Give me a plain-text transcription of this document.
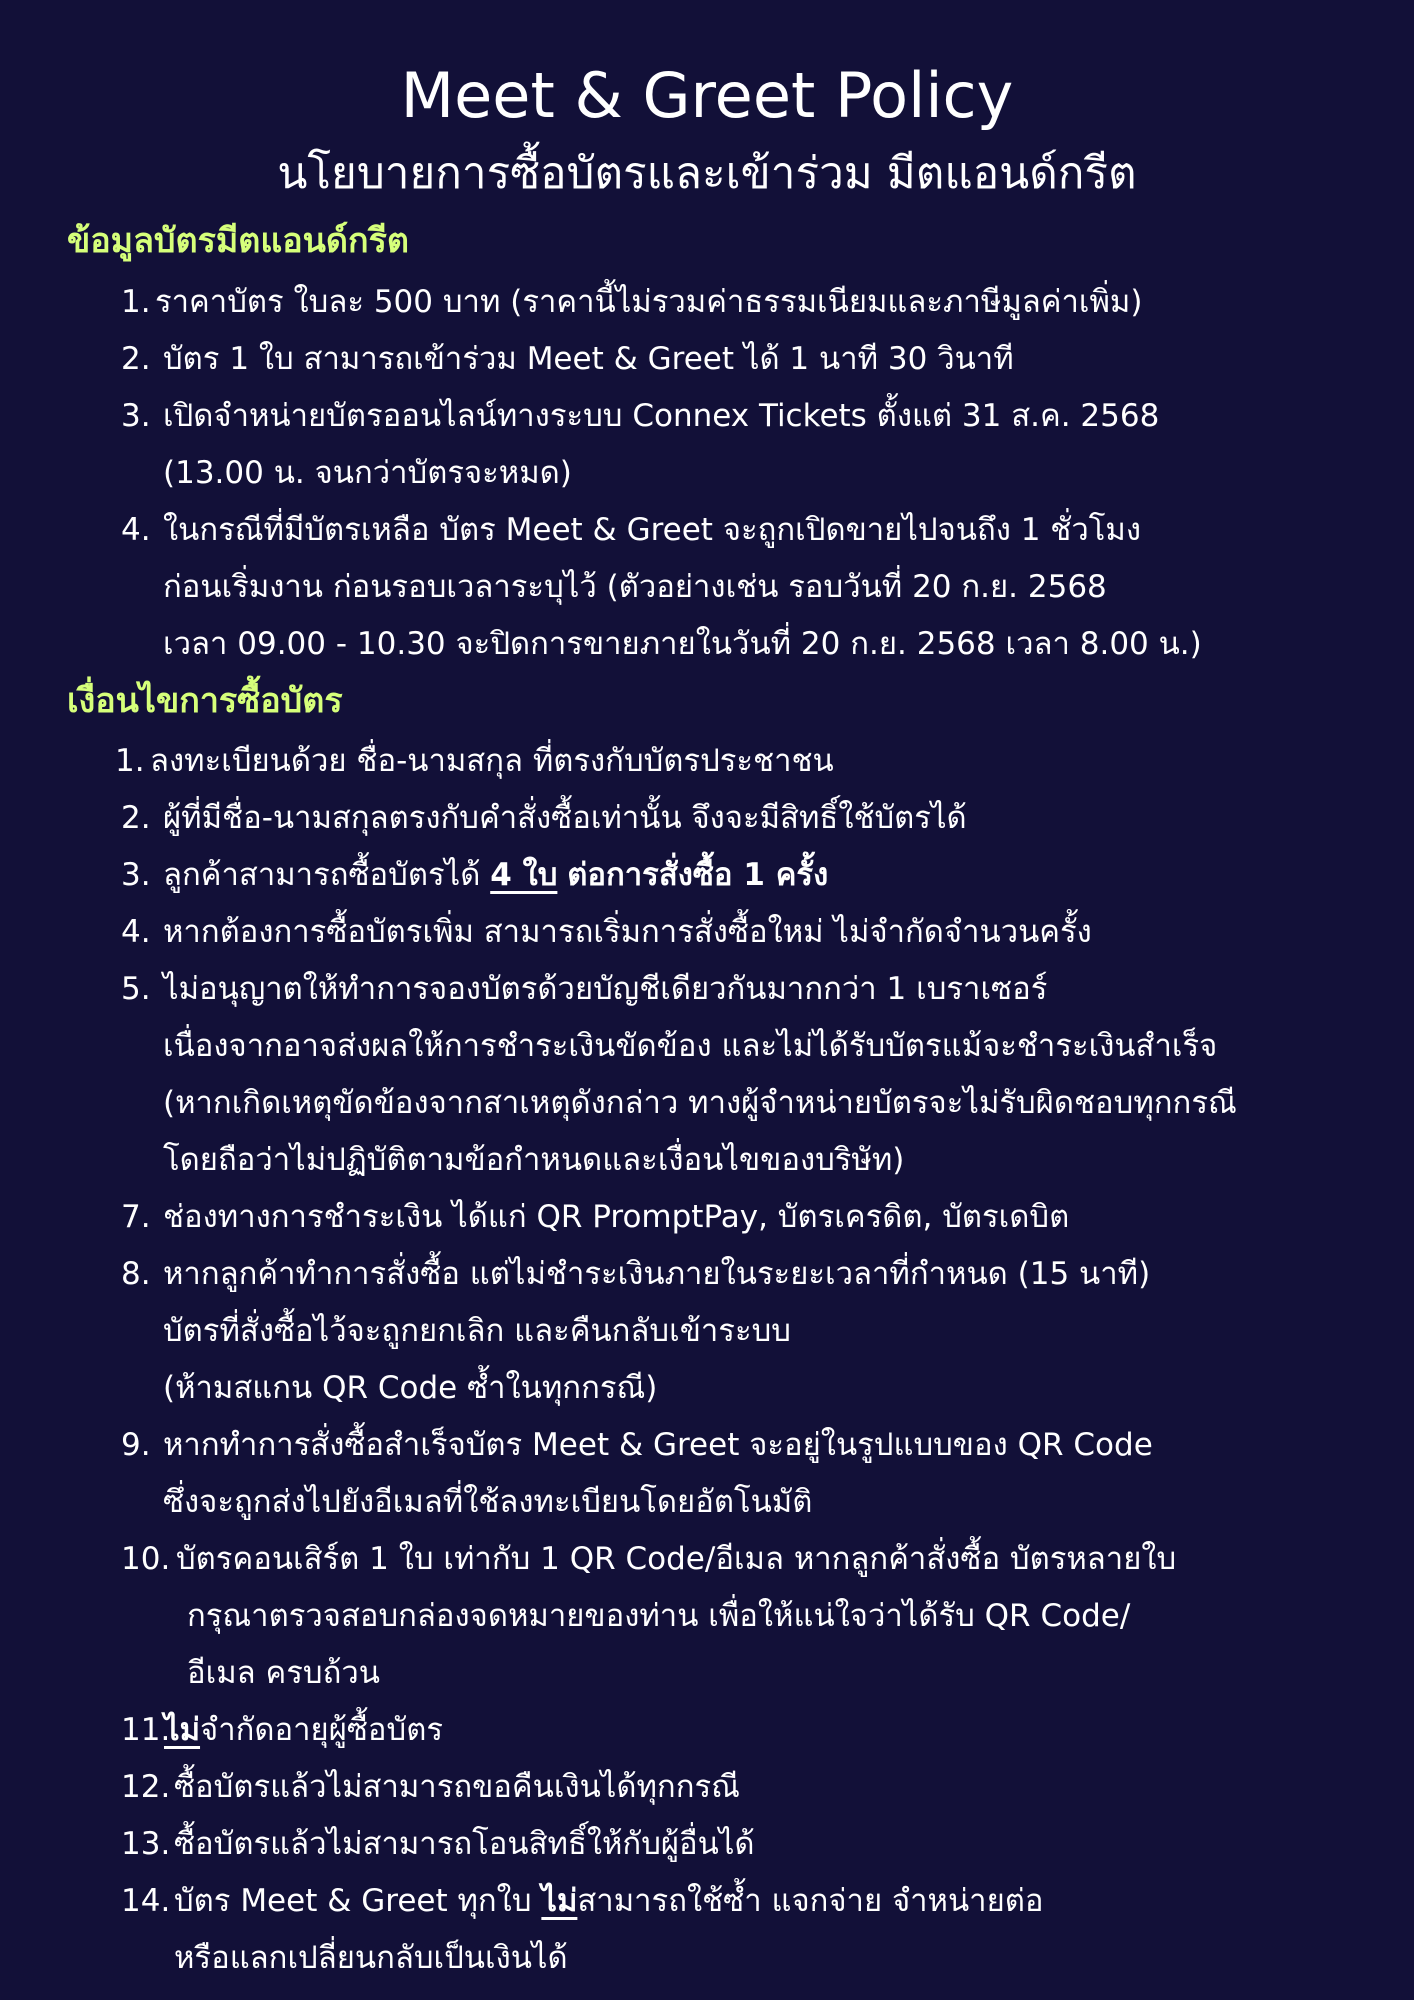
Meet & Greet Policy
นโยบายการซื้อบัตรและเข้าร่วม มีตแอนด์กรีต
ข้อมูลบัตรมีตแอนด์กรีต
1. ราคาบัตร ใบละ 500 บาท (ราคานี้ไม่รวมค่าธรรมเนียมและภาษีมูลค่าเพิ่ม)
2. บัตร 1 ใบ สามารถเข้าร่วม Meet & Greet ได้ 1 นาที 30 วินาที
3. เปิดจำหน่ายบัตรออนไลน์ทางระบบ Connex Tickets ตั้งแต่ 31 ส.ค. 2568
(13.00 น. จนกว่าบัตรจะหมด)
4. ในกรณีที่มีบัตรเหลือ บัตร Meet & Greet จะถูกเปิดขายไปจนถึง 1 ชั่วโมง
ก่อนเริ่มงาน ก่อนรอบเวลาระบุไว้ (ตัวอย่างเช่น รอบวันที่ 20 ก.ย. 2568
เวลา 09.00 - 10.30 จะปิดการขายภายในวันที่ 20 ก.ย. 2568 เวลา 8.00 น.)
เงื่อนไขการซื้อบัตร
1. ลงทะเบียนด้วย ชื่อ-นามสกุล ที่ตรงกับบัตรประชาชน
2. ผู้ที่มีชื่อ-นามสกุลตรงกับคำสั่งซื้อเท่านั้น จึงจะมีสิทธิ์ใช้บัตรได้
3. ลูกค้าสามารถซื้อบัตรได้ 4 ใบ ต่อการสั่งซื้อ 1 ครั้ง
4. หากต้องการซื้อบัตรเพิ่ม สามารถเริ่มการสั่งซื้อใหม่ ไม่จำกัดจำนวนครั้ง
5. ไม่อนุญาตให้ทำการจองบัตรด้วยบัญชีเดียวกันมากกว่า 1 เบราเซอร์
เนื่องจากอาจส่งผลให้การชำระเงินขัดข้อง และไม่ได้รับบัตรแม้จะชำระเงินสำเร็จ
(หากเกิดเหตุขัดข้องจากสาเหตุดังกล่าว ทางผู้จำหน่ายบัตรจะไม่รับผิดชอบทุกกรณี
โดยถือว่าไม่ปฏิบัติตามข้อกำหนดและเงื่อนไขของบริษัท)
7. ช่องทางการชำระเงิน ได้แก่ QR PromptPay, บัตรเครดิต, บัตรเดบิต
8. หากลูกค้าทำการสั่งซื้อ แต่ไม่ชำระเงินภายในระยะเวลาที่กำหนด (15 นาที)
บัตรที่สั่งซื้อไว้จะถูกยกเลิก และคืนกลับเข้าระบบ
(ห้ามสแกน QR Code ซ้ำในทุกกรณี)
9. หากทำการสั่งซื้อสำเร็จบัตร Meet & Greet จะอยู่ในรูปแบบของ QR Code
ซึ่งจะถูกส่งไปยังอีเมลที่ใช้ลงทะเบียนโดยอัตโนมัติ
10. บัตรคอนเสิร์ต 1 ใบ เท่ากับ 1 QR Code/อีเมล หากลูกค้าสั่งซื้อ บัตรหลายใบ
กรุณาตรวจสอบกล่องจดหมายของท่าน เพื่อให้แน่ใจว่าได้รับ QR Code/
อีเมล ครบถ้วน
11.
ไม่จำกัดอายุผู้ซื้อบัตร
12. ซื้อบัตรแล้วไม่สามารถขอคืนเงินได้ทุกกรณี
13. ซื้อบัตรแล้วไม่สามารถโอนสิทธิ์ให้กับผู้อื่นได้
14. บัตร Meet & Greet ทุกใบ ไม่สามารถใช้ซ้ำ แจกจ่าย จำหน่ายต่อ
หรือแลกเปลี่ยนกลับเป็นเงินได้
